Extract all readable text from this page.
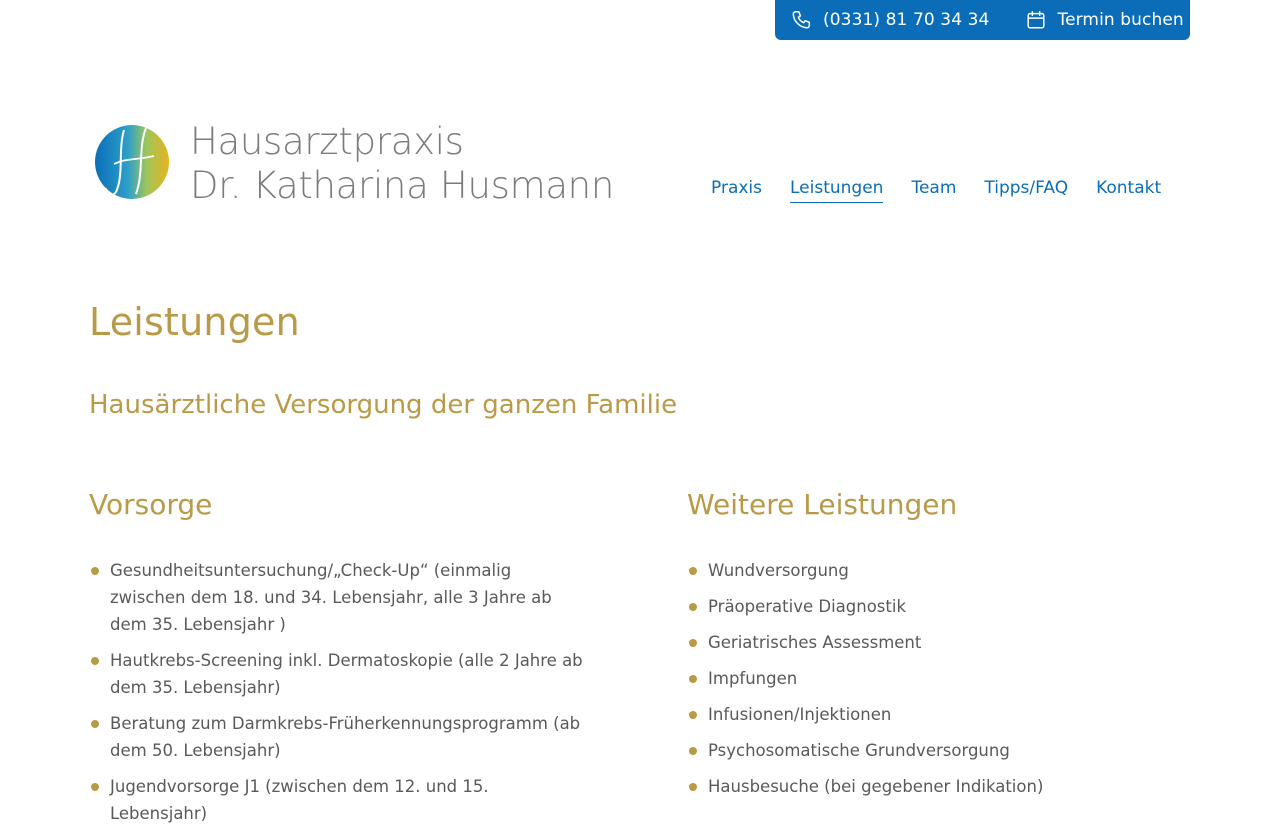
(0331) 81 70 34 34	Termin buchen
Hausarztpraxis
Dr. Katharina Husmann	Praxis Leistungen Team Tipps/FAQ Kontakt
Leistungen
Hausärztliche Versorgung der ganzen Familie
Vorsorge
Gesundheitsuntersuchung/„Check-Up“ (einmalig zwischen dem 18. und 34. Lebensjahr, alle 3 Jahre ab dem 35. Lebensjahr )
Hautkrebs-Screening inkl. Dermatoskopie (alle 2 Jahre ab dem 35. Lebensjahr)
Beratung zum Darmkrebs-Früherkennungsprogramm (ab dem 50. Lebensjahr)
Jugendvorsorge J1 (zwischen dem 12. und 15. Lebensjahr)
Weitere Leistungen
Wundversorgung
Präoperative Diagnostik
Geriatrisches Assessment
Impfungen
Infusionen/Injektionen
Psychosomatische Grundversorgung
Hausbesuche (bei gegebener Indikation)
